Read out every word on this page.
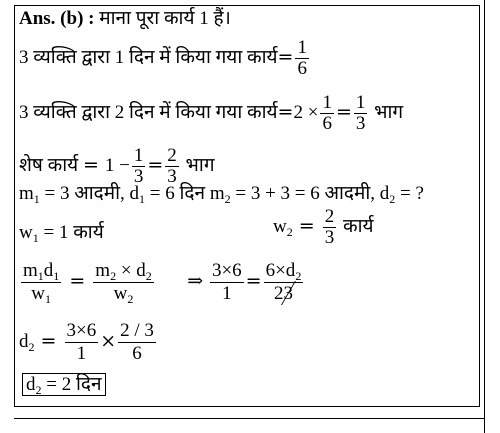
Ans. (b) : माना पूरा कार्य 1 हैं।
3 व्यक्ति द्वारा 1 दिन में किया गया कार्य= $\frac{1}{6}$
3 व्यक्ति द्वारा 2 दिन में किया गया कार्य=2 × $\frac{1}{6} = \frac{1}{3}$ भाग
शेष कार्य = $1 - \frac{1}{3} = \frac{2}{3}$ भाग
$m_1 = 3$ आदमी, $d_1 = 6$ दिन $m_2 = 3 + 3 = 6$ आदमी, $d_2$ = ?
$w_1 = 1$ कार्य	$w_2 = \frac{2}{3}$ कार्य
$\frac{m_1d_1}{w_1} = \frac{m_2 \times d_2}{w_2}$ ⇒ $\frac{3\times 6}{1} = \frac{6\times d_2}{23}$
$d_2 = \frac{3\times 6}{1} \times \frac{2 / 3}{6}$
$d_2 = 2$ दिन
